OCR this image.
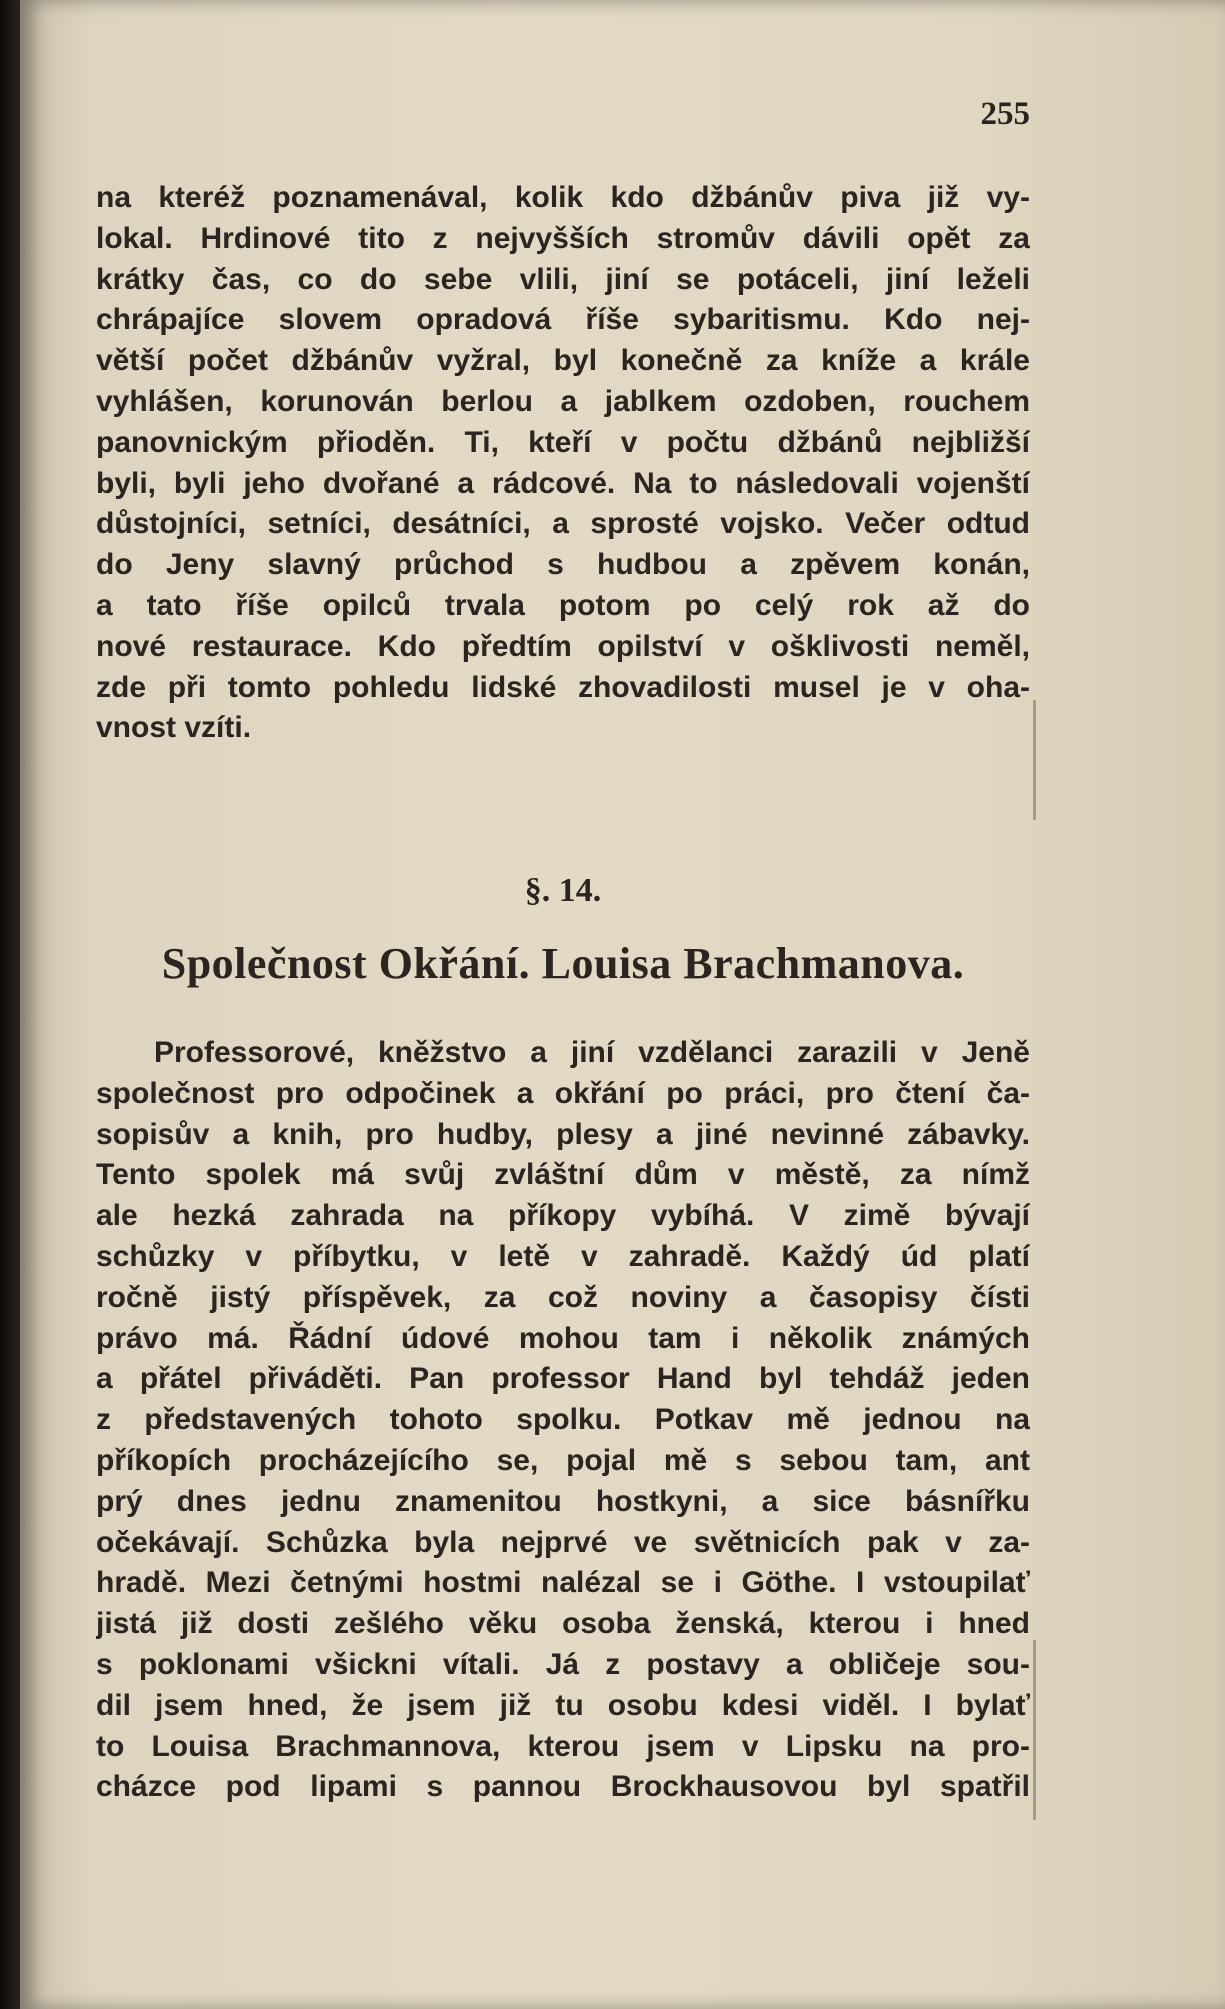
255
na kteréž poznamenával, kolik kdo džbánův piva již vy-
lokal. Hrdinové tito z nejvyšších stromův dávili opět za
krátky čas, co do sebe vlili, jiní se potáceli, jiní leželi
chrápajíce slovem opradová říše sybaritismu. Kdo nej-
větší počet džbánův vyžral, byl konečně za kníže a krále
vyhlášen, korunován berlou a jablkem ozdoben, rouchem
panovnickým přioděn. Ti, kteří v počtu džbánů nejbližší
byli, byli jeho dvořané a rádcové. Na to následovali vojenští
důstojníci, setníci, desátníci, a sprosté vojsko. Večer odtud
do Jeny slavný průchod s hudbou a zpěvem konán,
a tato říše opilců trvala potom po celý rok až do
nové restaurace. Kdo předtím opilství v ošklivosti neměl,
zde při tomto pohledu lidské zhovadilosti musel je v oha-
vnost vzíti.
§. 14.
Společnost Okřání. Louisa Brachmanova.
Professorové, kněžstvo a jiní vzdělanci zarazili v Jeně
společnost pro odpočinek a okřání po práci, pro čtení ča-
sopisův a knih, pro hudby, plesy a jiné nevinné zábavky.
Tento spolek má svůj zvláštní dům v městě, za nímž
ale hezká zahrada na příkopy vybíhá. V zimě bývají
schůzky v příbytku, v letě v zahradě. Každý úd platí
ročně jistý příspěvek, za což noviny a časopisy čísti
právo má. Řádní údové mohou tam i několik známých
a přátel přiváděti. Pan professor Hand byl tehdáž jeden
z představených tohoto spolku. Potkav mě jednou na
příkopích procházejícího se, pojal mě s sebou tam, ant
prý dnes jednu znamenitou hostkyni, a sice básnířku
očekávají. Schůzka byla nejprvé ve světnicích pak v za-
hradě. Mezi četnými hostmi nalézal se i Göthe. I vstoupilať
jistá již dosti zešlého věku osoba ženská, kterou i hned
s poklonami všickni vítali. Já z postavy a obličeje sou-
dil jsem hned, že jsem již tu osobu kdesi viděl. I bylať
to Louisa Brachmannova, kterou jsem v Lipsku na pro-
cházce pod lipami s pannou Brockhausovou byl spatřil
